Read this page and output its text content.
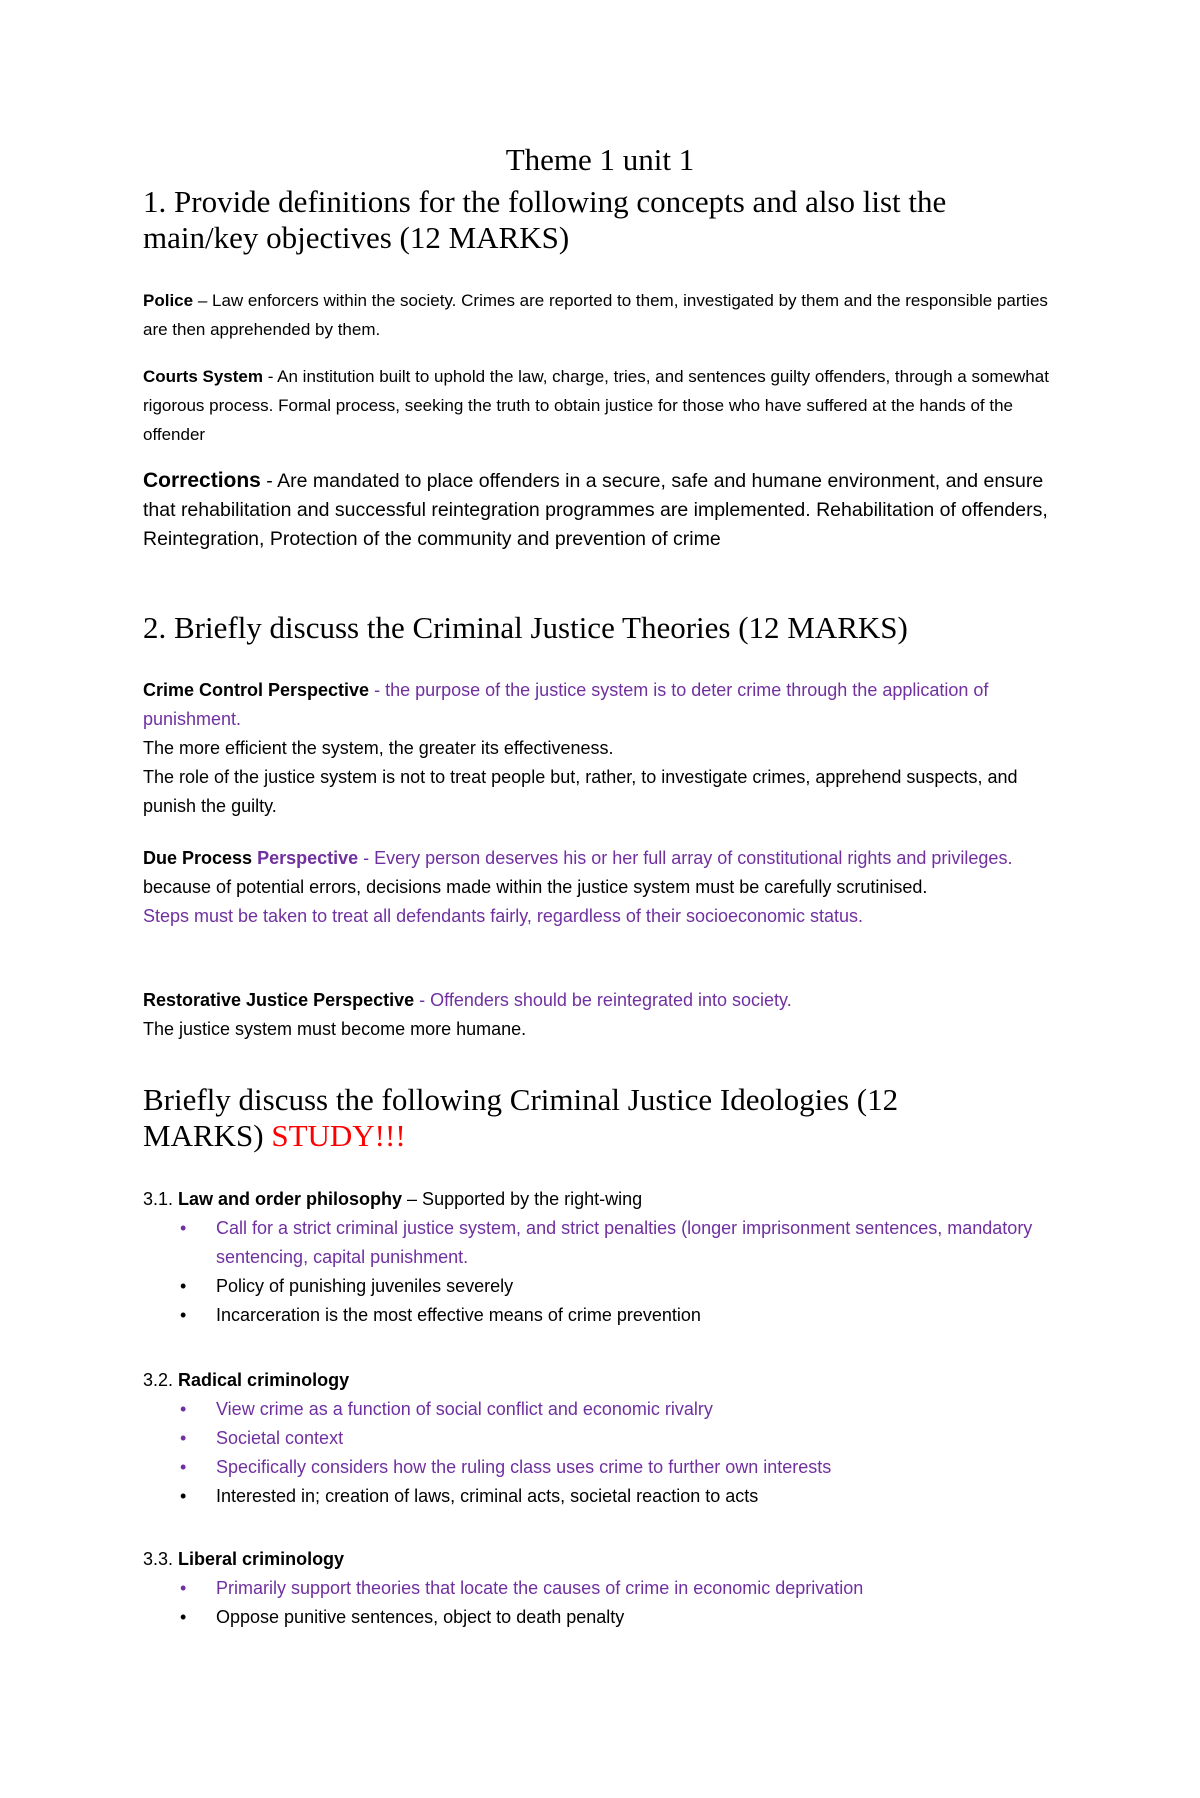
Theme 1 unit 1
1. Provide definitions for the following concepts and also list the main/key objectives (12 MARKS)
Police – Law enforcers within the society. Crimes are reported to them, investigated by them and the responsible parties are then apprehended by them.
Courts System - An institution built to uphold the law, charge, tries, and sentences guilty offenders, through a somewhat rigorous process. Formal process, seeking the truth to obtain justice for those who have suffered at the hands of the offender
Corrections - Are mandated to place offenders in a secure, safe and humane environment, and ensure that rehabilitation and successful reintegration programmes are implemented. Rehabilitation of offenders, Reintegration, Protection of the community and prevention of crime
2. Briefly discuss the Criminal Justice Theories (12 MARKS)
Crime Control Perspective - the purpose of the justice system is to deter crime through the application of punishment.
The more efficient the system, the greater its effectiveness.
The role of the justice system is not to treat people but, rather, to investigate crimes, apprehend suspects, and punish the guilty.
Due Process Perspective - Every person deserves his or her full array of constitutional rights and privileges. because of potential errors, decisions made within the justice system must be carefully scrutinised.
Steps must be taken to treat all defendants fairly, regardless of their socioeconomic status.
Restorative Justice Perspective - Offenders should be reintegrated into society.
The justice system must become more humane.
Briefly discuss the following Criminal Justice Ideologies (12 MARKS) STUDY!!!
3.1. Law and order philosophy – Supported by the right-wing
• Call for a strict criminal justice system, and strict penalties (longer imprisonment sentences, mandatory sentencing, capital punishment.
• Policy of punishing juveniles severely
• Incarceration is the most effective means of crime prevention
3.2. Radical criminology
• View crime as a function of social conflict and economic rivalry
• Societal context
• Specifically considers how the ruling class uses crime to further own interests
• Interested in; creation of laws, criminal acts, societal reaction to acts
3.3. Liberal criminology
• Primarily support theories that locate the causes of crime in economic deprivation
• Oppose punitive sentences, object to death penalty
